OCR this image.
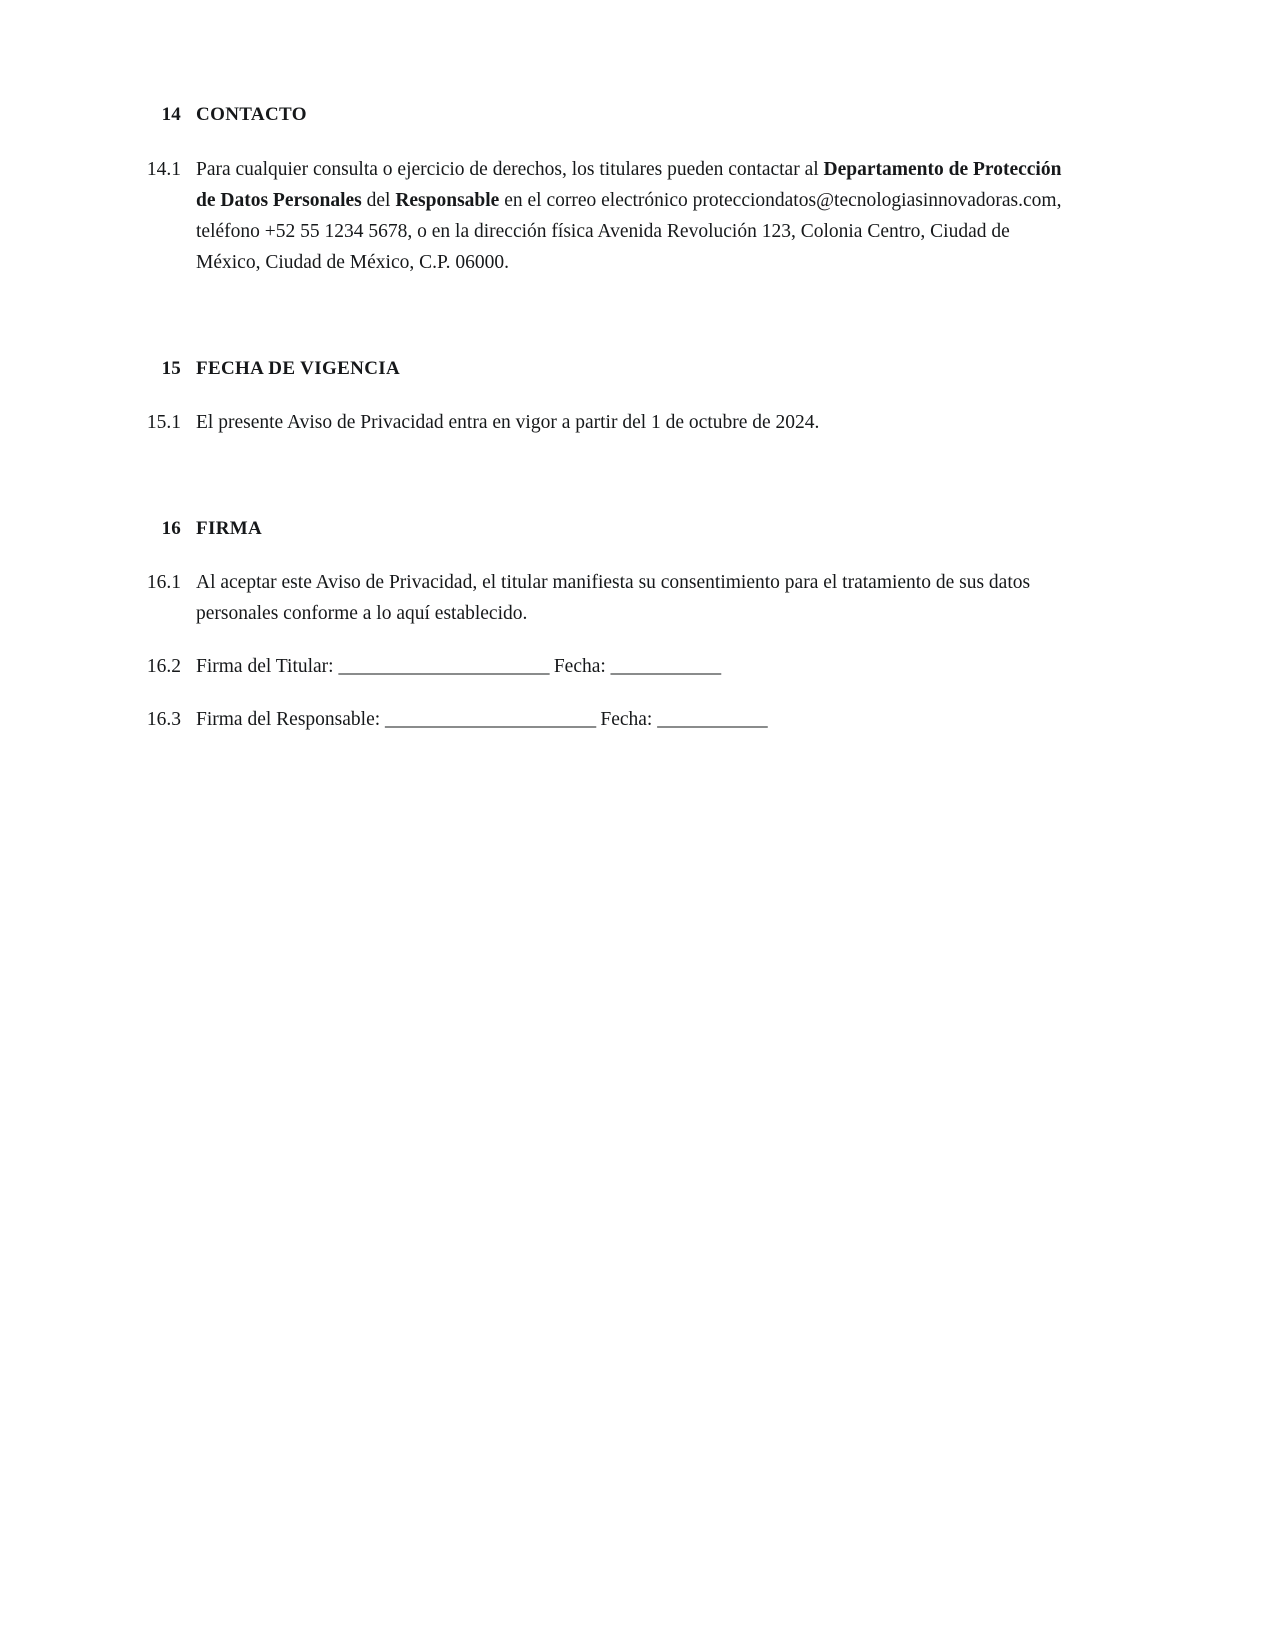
14 CONTACTO
14.1 Para cualquier consulta o ejercicio de derechos, los titulares pueden contactar al Departamento de Protección de Datos Personales del Responsable en el correo electrónico protecciondatos@tecnologiasinnovadoras.com, teléfono +52 55 1234 5678, o en la dirección física Avenida Revolución 123, Colonia Centro, Ciudad de México, Ciudad de México, C.P. 06000.
15 FECHA DE VIGENCIA
15.1 El presente Aviso de Privacidad entra en vigor a partir del 1 de octubre de 2024.
16 FIRMA
16.1 Al aceptar este Aviso de Privacidad, el titular manifiesta su consentimiento para el tratamiento de sus datos personales conforme a lo aquí establecido.
16.2 Firma del Titular: _______________________ Fecha: ____________
16.3 Firma del Responsable: _______________________ Fecha: ____________
